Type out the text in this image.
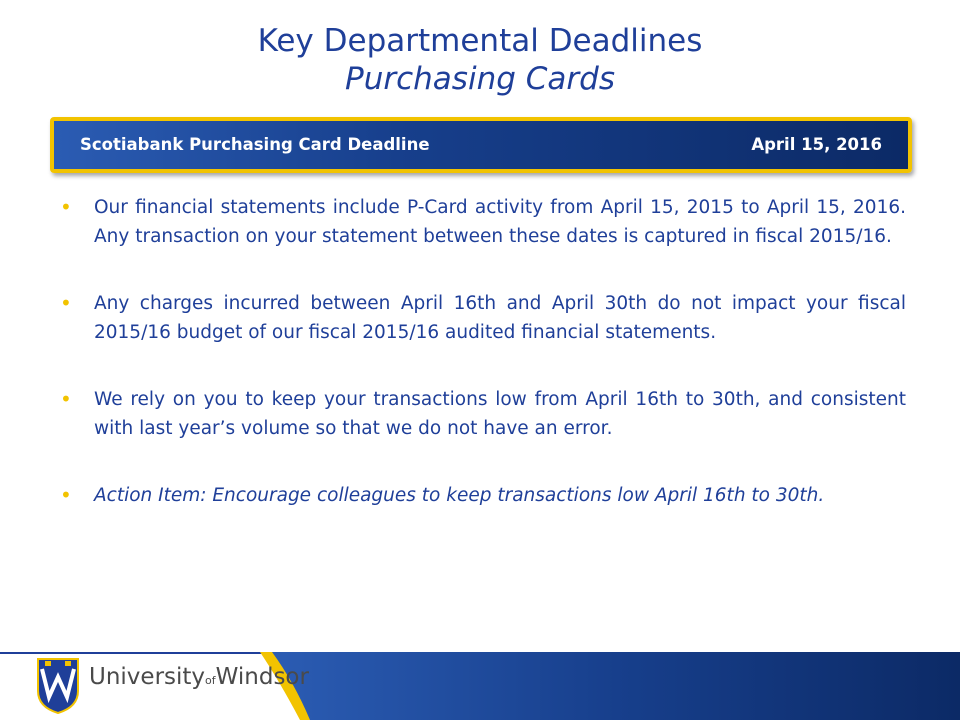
Key Departmental Deadlines
Purchasing Cards
Scotiabank Purchasing Card Deadline	April 15, 2016
• Our financial statements include P-Card activity from April 15, 2015 to April 15, 2016. Any transaction on your statement between these dates is captured in fiscal 2015/16.
• Any charges incurred between April 16th and April 30th do not impact your fiscal 2015/16 budget of our fiscal 2015/16 audited financial statements.
• We rely on you to keep your transactions low from April 16th to 30th, and consistent with last year’s volume so that we do not have an error.
• Action Item: Encourage colleagues to keep transactions low April 16th to 30th.
UniversityofWindsor
